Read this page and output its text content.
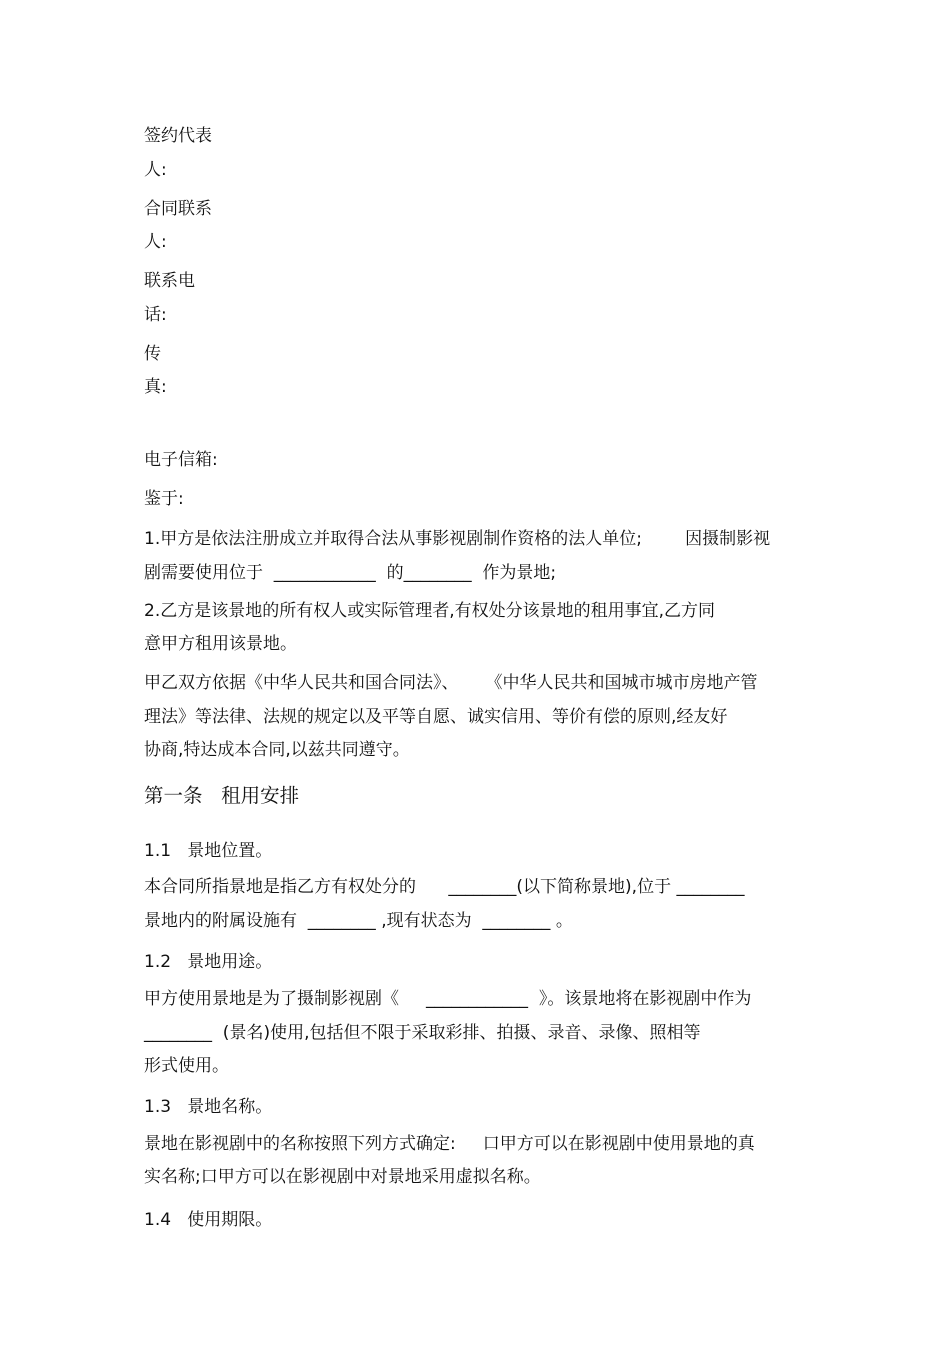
签约代表
人:
合同联系
人:
联系电
话:
传
真:
电子信箱:
鉴于:
1.甲方是依法注册成立并取得合法从事影视剧制作资格的法人单位;        因摄制影视
剧需要使用位于  ____________  的________  作为景地;
2.乙方是该景地的所有权人或实际管理者,有权处分该景地的租用事宜,乙方同
意甲方租用该景地。
甲乙双方依据《中华人民共和国合同法》、     《中华人民共和国城市城市房地产管
理法》等法律、法规的规定以及平等自愿、诚实信用、等价有偿的原则,经友好
协商,特达成本合同,以兹共同遵守。
第一条   租用安排
1.1   景地位置。
本合同所指景地是指乙方有权处分的      ________(以下简称景地),位于 ________
景地内的附属设施有  ________ ,现有状态为  ________ 。
1.2   景地用途。
甲方使用景地是为了摄制影视剧《     ____________  》。该景地将在影视剧中作为
________  (景名)使用,包括但不限于采取彩排、拍摄、录音、录像、照相等
形式使用。
1.3   景地名称。
景地在影视剧中的名称按照下列方式确定:     口甲方可以在影视剧中使用景地的真
实名称;口甲方可以在影视剧中对景地采用虚拟名称。
1.4   使用期限。
